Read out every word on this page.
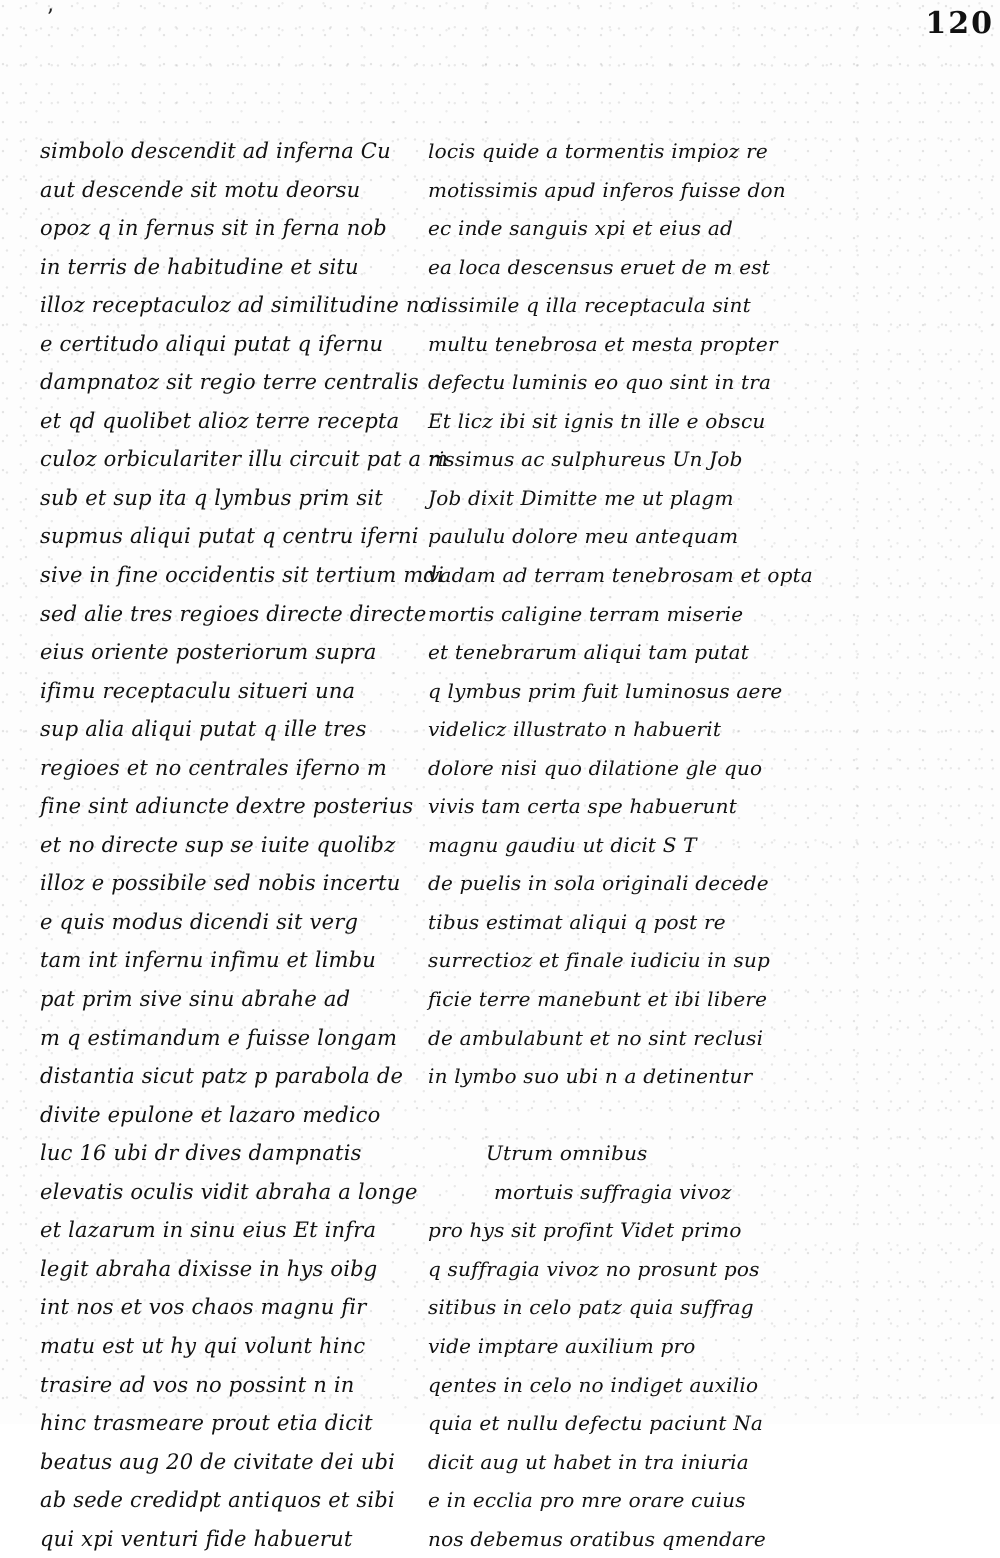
120
ʼ
simbolo descendit ad inferna Cu
aut descende sit motu deorsu
opoz q in fernus sit in ferna nob
in terris de habitudine et situ
illoz receptaculoz ad similitudine no
e certitudo aliqui putat q ifernu
dampnatoz sit regio terre centralis
et qd quolibet alioz terre recepta
culoz orbiculariter illu circuit pat a m
sub et sup ita q lymbus prim sit
supmus aliqui putat q centru iferni
sive in fine occidentis sit tertium mdi
sed alie tres regioes directe directe
eius oriente posteriorum supra
ifimu receptaculu situeri una
sup alia aliqui putat q ille tres
regioes et no centrales iferno m
fine sint adiuncte dextre posterius
et no directe sup se iuite quolibz
illoz e possibile sed nobis incertu
e quis modus dicendi sit verg
tam int infernu infimu et limbu
pat prim sive sinu abrahe ad
m q estimandum e fuisse longam
distantia sicut patz p parabola de
divite epulone et lazaro medico
luc 16 ubi dr dives dampnatis
elevatis oculis vidit abraha a longe
et lazarum in sinu eius Et infra
legit abraha dixisse in hys oibg
int nos et vos chaos magnu fir
matu est ut hy qui volunt hinc
trasire ad vos no possint n in
hinc trasmeare prout etia dicit
beatus aug 20 de civitate dei ubi
ab sede credidpt antiquos et sibi
qui xpi venturi fide habuerut
locis quide a tormentis impioz re
motissimis apud inferos fuisse don
ec inde sanguis xpi et eius ad
ea loca descensus eruet de m est
dissimile q illa receptacula sint
multu tenebrosa et mesta propter
defectu luminis eo quo sint in tra
Et licz ibi sit ignis tn ille e obscu
rissimus ac sulphureus Un Job
Job dixit Dimitte me ut plagm
paululu dolore meu antequam
vadam ad terram tenebrosam et opta
mortis caligine terram miserie
et tenebrarum aliqui tam putat
q lymbus prim fuit luminosus aere
videlicz illustrato n habuerit
dolore nisi quo dilatione gle quo
vivis tam certa spe habuerunt
magnu gaudiu ut dicit S T
de puelis in sola originali decede
tibus estimat aliqui q post re
surrectioz et finale iudiciu in sup
ficie terre manebunt et ibi libere
de ambulabunt et no sint reclusi
in lymbo suo ubi n a detinentur
Utrum omnibus
mortuis suffragia vivoz
pro hys sit profint Videt primo
q suffragia vivoz no prosunt pos
sitibus in celo patz quia suffrag
vide imptare auxilium pro
qentes in celo no indiget auxilio
quia et nullu defectu paciunt Na
dicit aug ut habet in tra iniuria
e in ecclia pro mre orare cuius
nos debemus oratibus qmendare
